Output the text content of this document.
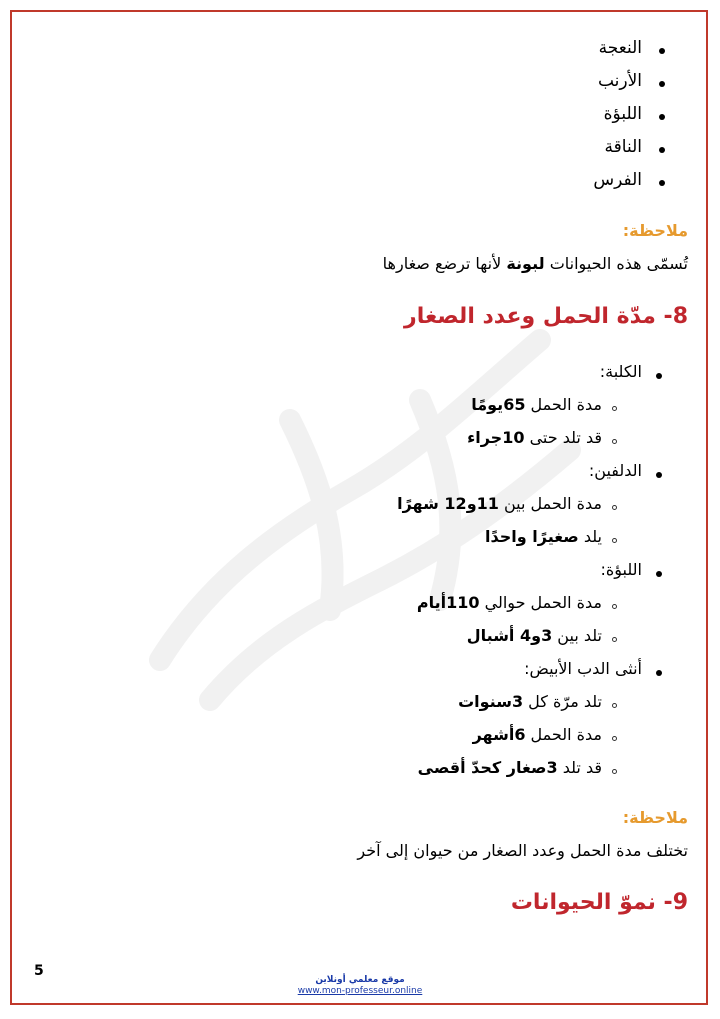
النعجة
الأرنب
اللبؤة
الناقة
الفرس
ملاحظة:
تُسمّى هذه الحيوانات لبونة لأنها ترضع صغارها
8- مدّة الحمل وعدد الصغار
الكلبة:
مدة الحمل 65يومًا
قد تلد حتى 10جراء
الدلفين:
مدة الحمل بين 11و12 شهرًا
يلد صغيرًا واحدًا
اللبؤة:
مدة الحمل حوالي 110أيام
تلد بين 3و4 أشبال
أنثى الدب الأبيض:
تلد مرّة كل 3سنوات
مدة الحمل 6أشهر
قد تلد 3صغار كحدّ أقصى
ملاحظة:
تختلف مدة الحمل وعدد الصغار من حيوان إلى آخر
9- نموّ الحيوانات
5
موقع معلمي أونلاين
www.mon-professeur.online
